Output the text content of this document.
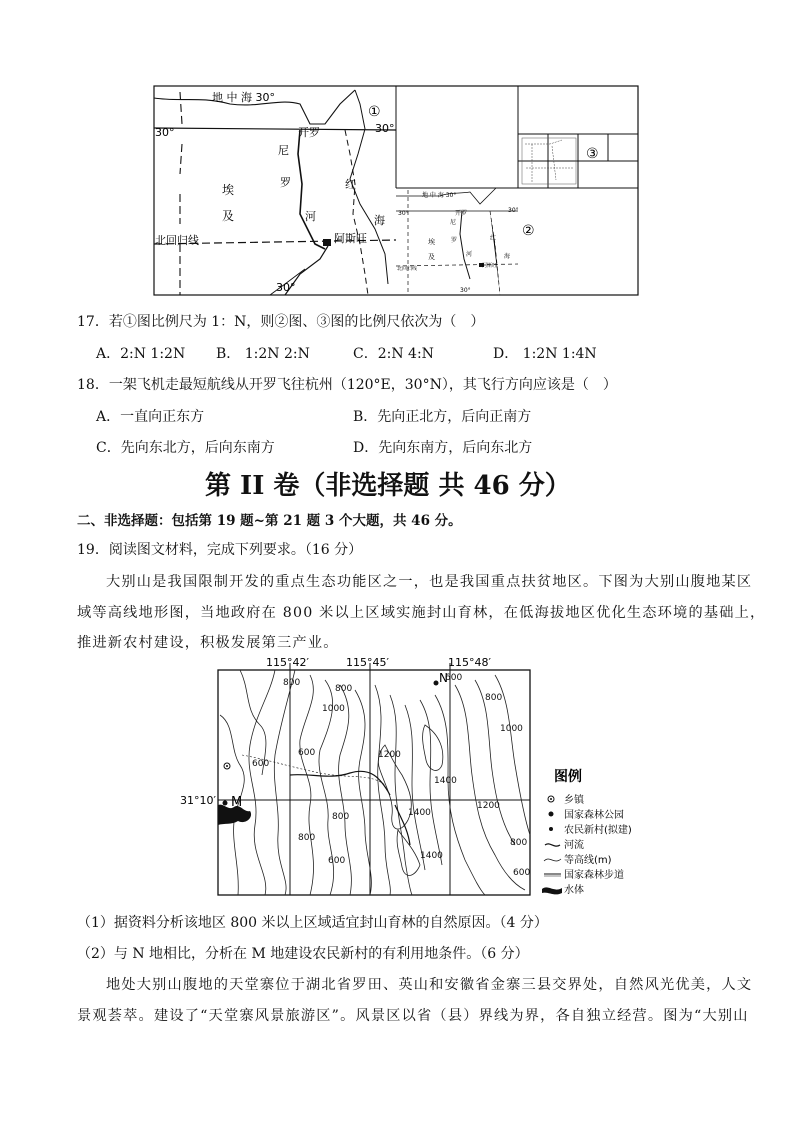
地 中 海 30°
30°	30°
开罗
尼
罗
河
红
海
埃
及
北回归线	阿斯旺
30°
①
②
③
地 中 海 30°
30°	30°
开罗
埃
及
尼
罗
河
红
海
北回归线	阿斯旺
30°
17．若①图比例尺为 1：N，则②图、③图的比例尺依次为（　）
A．2:N 1:2N B． 1:2N 2:N	C．2:N 4:N	D． 1:2N 1:4N
18．一架飞机走最短航线从开罗飞往杭州（120°E，30°N），其飞行方向应该是（　）
A．一直向正东方	B．先向正北方，后向正南方
C．先向东北方，后向东南方	D．先向东南方，后向东北方
第 II 卷（非选择题 共 46 分）
二、非选择题：包括第 19 题~第 21 题 3 个大题，共 46 分。
19．阅读图文材料，完成下列要求。（16 分）
大别山是我国限制开发的重点生态功能区之一，也是我国重点扶贫地区。下图为大别山腹地某区
域等高线地形图，当地政府在 800 米以上区域实施封山育林，在低海拔地区优化生态环境的基础上，
推进新农村建设，积极发展第三产业。
115°42′	115°45′	115°48′
31°10′ M
N
800
800
1000
600
600
1200
1400
1400
1200
800
800
1400
600
800
600
600
800
1000
图例
乡镇
国家森林公园
农民新村(拟建)
河流
等高线(m)
国家森林步道
水体
（1）据资料分析该地区 800 米以上区域适宜封山育林的自然原因。（4 分）
（2）与 N 地相比，分析在 M 地建设农民新村的有利用地条件。（6 分）
地处大别山腹地的天堂寨位于湖北省罗田、英山和安徽省金寨三县交界处，自然风光优美，人文
景观荟萃。建设了“天堂寨风景旅游区”。风景区以省（县）界线为界，各自独立经营。图为“大别山
